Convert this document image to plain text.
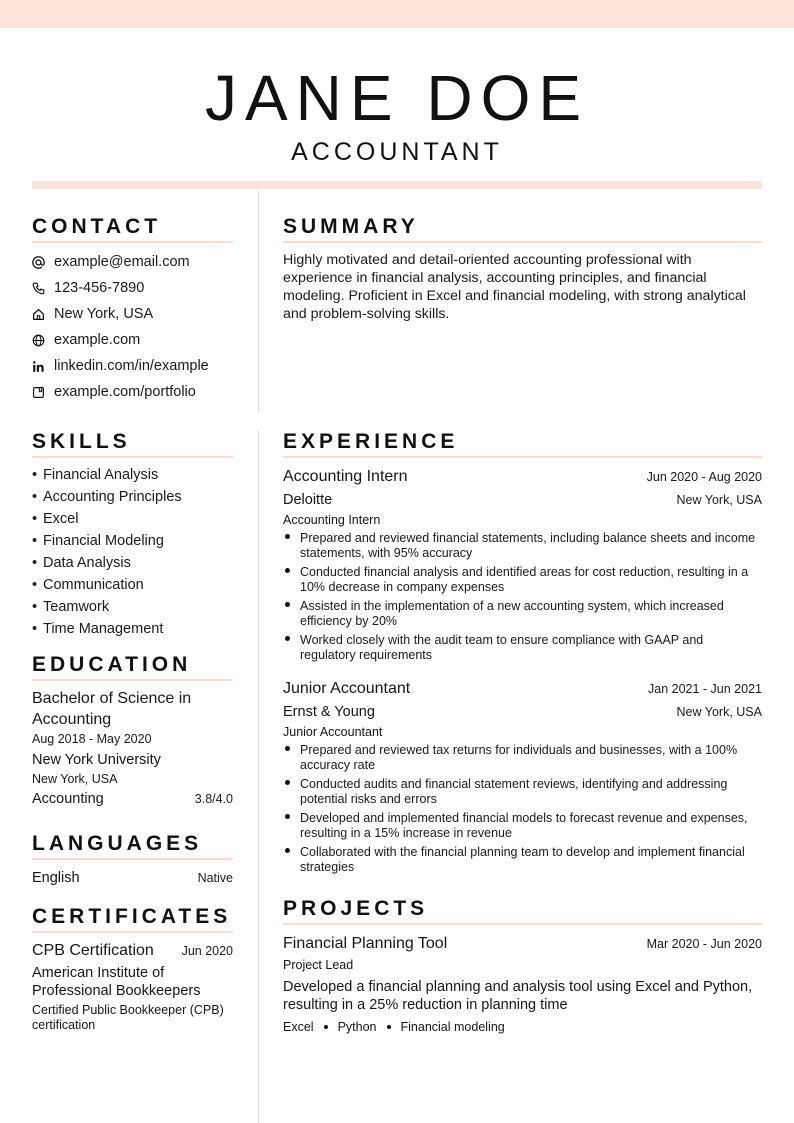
JANE DOE
ACCOUNTANT
CONTACT
example@email.com
123-456-7890
New York, USA
example.com
linkedin.com/in/example
example.com/portfolio
SUMMARY

Highly motivated and detail-oriented accounting professional with experience in financial analysis, accounting principles, and financial modeling. Proficient in Excel and financial modeling, with strong analytical and problem-solving skills.

SKILLS
• Financial Analysis
• Accounting Principles
• Excel
• Financial Modeling
• Data Analysis
• Communication
• Teamwork
• Time Management
EDUCATION
Bachelor of Science in Accounting
Aug 2018 - May 2020
New York University
New York, USA
Accounting	3.8/4.0
LANGUAGES
English	Native
CERTIFICATES
CPB Certification Jun 2020
American Institute of Professional Bookkeepers
Certified Public Bookkeeper (CPB) certification
EXPERIENCE
Accounting Intern	Jun 2020 - Aug 2020
Deloitte	New York, USA
Accounting Intern
Prepared and reviewed financial statements, including balance sheets and income statements, with 95% accuracy
Conducted financial analysis and identified areas for cost reduction, resulting in a 10% decrease in company expenses
Assisted in the implementation of a new accounting system, which increased efficiency by 20%
Worked closely with the audit team to ensure compliance with GAAP and regulatory requirements
Junior Accountant	Jan 2021 - Jun 2021
Ernst & Young	New York, USA
Junior Accountant
Prepared and reviewed tax returns for individuals and businesses, with a 100% accuracy rate
Conducted audits and financial statement reviews, identifying and addressing potential risks and errors
Developed and implemented financial models to forecast revenue and expenses, resulting in a 15% increase in revenue
Collaborated with the financial planning team to develop and implement financial strategies
PROJECTS
Financial Planning Tool	Mar 2020 - Jun 2020
Project Lead
Developed a financial planning and analysis tool using Excel and Python, resulting in a 25% reduction in planning time
Excel Python Financial modeling
